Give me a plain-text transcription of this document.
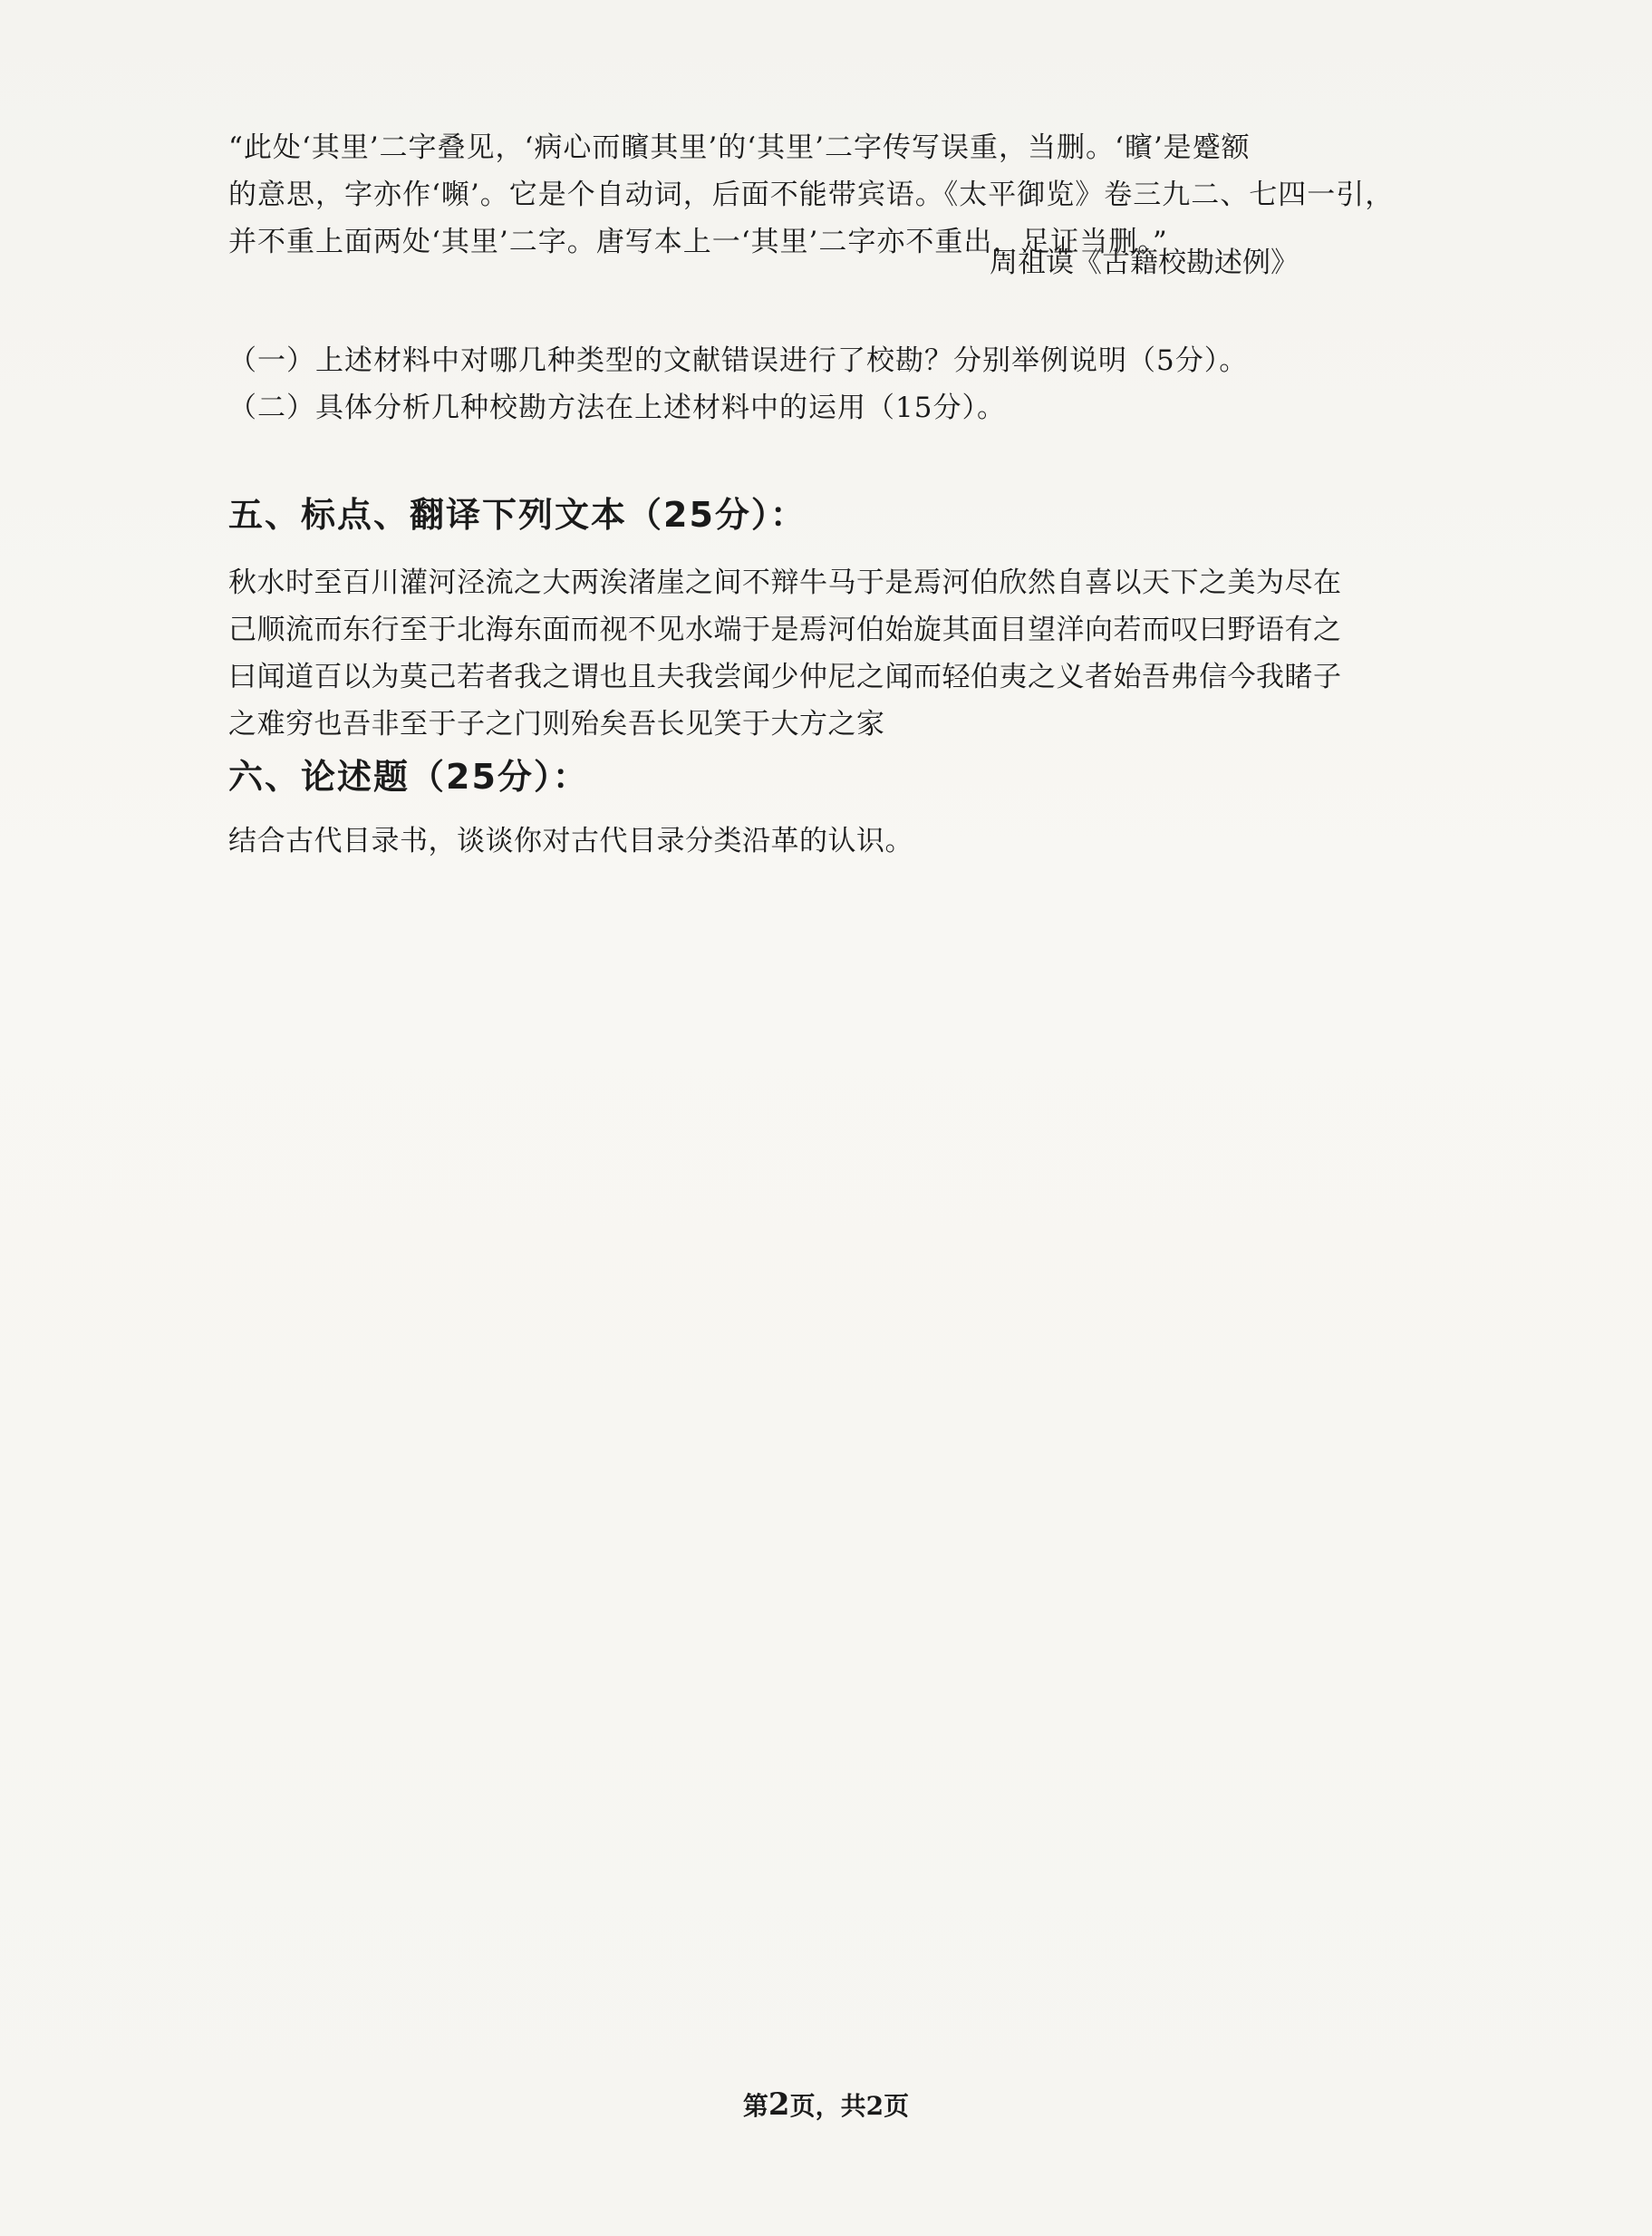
“此处‘其里’二字叠见，‘病心而矉其里’的‘其里’二字传写误重，当删。‘矉’是蹙额
的意思，字亦作‘嚬’。它是个自动词，后面不能带宾语。《太平御览》卷三九二、七四一引，
并不重上面两处‘其里’二字。唐写本上一‘其里’二字亦不重出，足证当删。”
周祖谟《古籍校勘述例》
（一）上述材料中对哪几种类型的文献错误进行了校勘？分别举例说明（5分）。
（二）具体分析几种校勘方法在上述材料中的运用（15分）。
五、标点、翻译下列文本（25分）：
秋水时至百川灌河泾流之大两涘渚崖之间不辩牛马于是焉河伯欣然自喜以天下之美为尽在
己顺流而东行至于北海东面而视不见水端于是焉河伯始旋其面目望洋向若而叹曰野语有之
曰闻道百以为莫己若者我之谓也且夫我尝闻少仲尼之闻而轻伯夷之义者始吾弗信今我睹子
之难穷也吾非至于子之门则殆矣吾长见笑于大方之家
六、论述题（25分）：
结合古代目录书，谈谈你对古代目录分类沿革的认识。
第2页，共2页
